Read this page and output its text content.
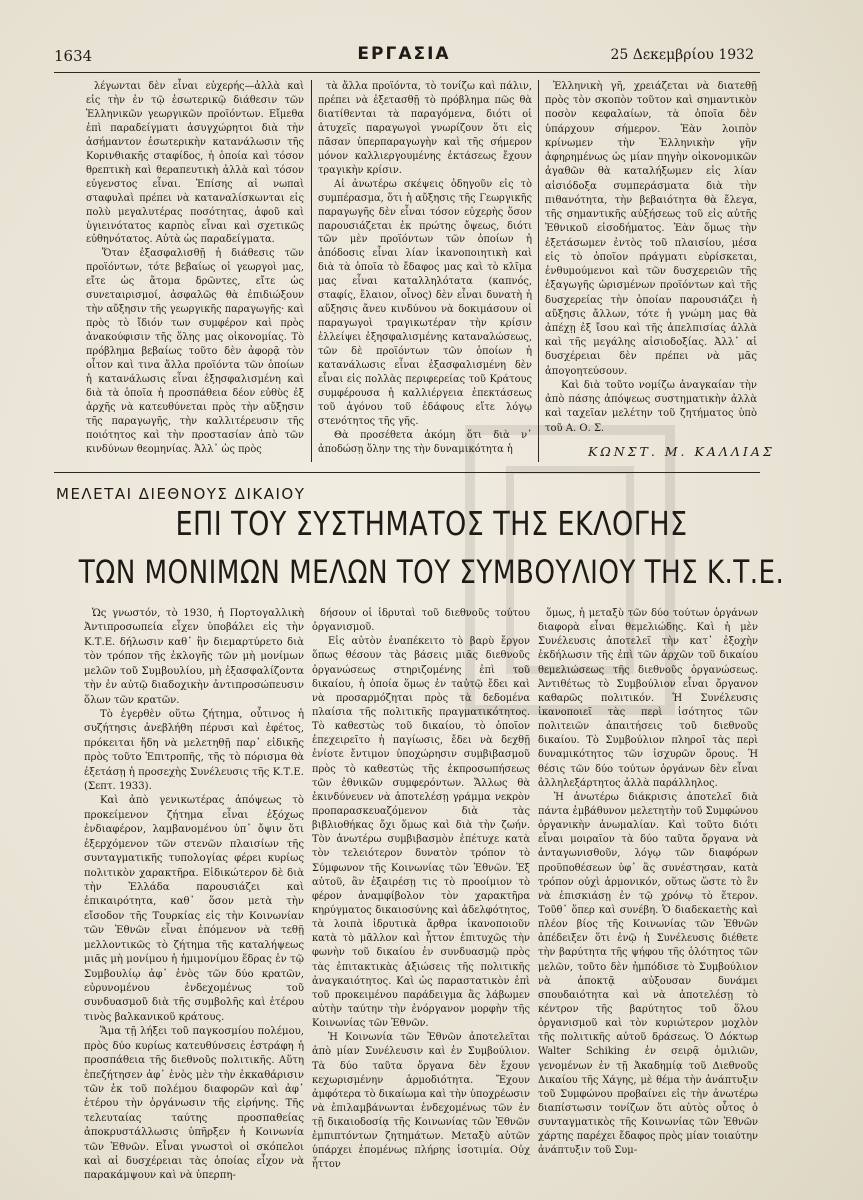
1634	ΕΡΓΑΣΙΑ	25 Δεκεμβρίου 1932

λέγωνται δὲν εἶναι εὐχερής—ἀλλὰ καὶ εἰς τὴν ἐν τῷ ἐσωτερικῷ διάθεσιν τῶν Ἑλληνικῶν γεωργικῶν προϊόντων. Εἴμεθα ἐπὶ παραδείγματι ἀσυγχώρητοι διὰ τὴν ἀσήμαντον ἐσωτερικὴν κατανάλωσιν τῆς Κορινθιακῆς σταφίδος, ἡ ὁποία καὶ τόσον θρεπτικὴ καὶ θεραπευτικὴ ἀλλὰ καὶ τόσον εὐγενστος εἶναι. Ἐπίσης αἱ νωπαὶ σταφυλαὶ πρέπει νὰ καταναλίσκωνται εἰς πολὺ μεγαλυτέρας ποσότητας, ἀφοῦ καὶ ὑγιεινότατος καρπὸς εἶναι καὶ σχετικῶς εὐθηνότατος. Αὐτὰ ὡς παραδείγματα.

Ὅταν ἐξασφαλισθῇ ἡ διάθεσις τῶν προϊόντων, τότε βεβαίως οἱ γεωργοὶ μας, εἴτε ὡς ἄτομα δρῶντες, εἴτε ὡς συνεταιρισμοί, ἀσφαλῶς θὰ ἐπιδιώξουν τὴν αὔξησιν τῆς γεωργικῆς παραγωγῆς· καὶ πρὸς τὸ ἴδιόν των συμφέρον καὶ πρὸς ἀνακούφισιν τῆς ὅλης μας οἰκονομίας. Τὸ πρόβλημα βεβαίως τοῦτο δὲν ἀφορᾷ τὸν οἶτον καὶ τινα ἄλλα προϊόντα τῶν ὁποίων ἡ κατανάλωσις εἶναι ἐξησφαλισμένη καὶ διὰ τὰ ὁποῖα ἡ προσπάθεια δέον εὐθὺς ἐξ ἀρχῆς νὰ κατευθύνεται πρὸς τὴν αὔξησιν τῆς παραγωγῆς, τὴν καλλιτέρευσιν τῆς ποιότητος καὶ τὴν προστασίαν ἀπὸ τῶν κινδύνων θεομηνίας. Ἀλλ᾽ ὡς πρὸς

τὰ ἄλλα προϊόντα, τὸ τονίζω καὶ πάλιν, πρέπει νὰ ἐξετασθῇ τὸ πρόβλημα πῶς θὰ διατίθενται τὰ παραγόμενα, διότι οἱ ἀτυχεῖς παραγωγοὶ γνωρίζουν ὅτι εἰς πᾶσαν ὑπερπαραγωγὴν καὶ τῆς σήμερον μόνον καλλιεργουμένης ἐκτάσεως ἔχουν τραγικὴν κρίσιν.

Αἱ ἀνωτέρω σκέψεις ὁδηγοῦν εἰς τὸ συμπέρασμα, ὅτι ἡ αὔξησις τῆς Γεωργικῆς παραγωγῆς δὲν εἶναι τόσον εὐχερὴς ὅσον παρουσιάζεται ἐκ πρώτης ὄψεως, διότι τῶν μὲν προϊόντων τῶν ὁποίων ἡ ἀπόδοσις εἶναι λίαν ἱκανοποιητικὴ καὶ διὰ τὰ ὁποῖα τὸ ἔδαφος μας καὶ τὸ κλῖμα μας εἶναι καταλληλότατα (καπνός, σταφίς, ἔλαιον, οἶνος) δὲν εἶναι δυνατὴ ἡ αὔξησις ἄνευ κινδύνου νὰ δοκιμάσουν οἱ παραγωγοὶ τραγικωτέραν τὴν κρίσιν ἐλλείψει ἐξησφαλισμένης καταναλώσεως, τῶν δὲ προϊόντων τῶν ὁποίων ἡ κατανάλωσις εἶναι ἐξασφαλισμένη δὲν εἶναι εἰς πολλὰς περιφερείας τοῦ Κράτους συμφέρουσα ἡ καλλιέργεια ἐπεκτάσεως τοῦ ἀγόνου τοῦ ἐδάφους εἴτε λόγῳ στενότητος τῆς γῆς.

Θὰ προσέθετα ἀκόμη ὅτι διὰ ν᾽ ἀποδώσῃ ὅλην της τὴν δυναμικότητα ἡ

Ἑλληνικὴ γῆ, χρειάζεται νὰ διατεθῇ πρὸς τὸν σκοπὸν τοῦτον καὶ σημαντικὸν ποσὸν κεφαλαίων, τὰ ὁποῖα δὲν ὑπάρχουν σήμερον. Ἐὰν λοιπὸν κρίνωμεν τὴν Ἑλληνικὴν γῆν ἀφηρημένως ὡς μίαν πηγὴν οἰκονομικῶν ἀγαθῶν θὰ καταλήξωμεν εἰς λίαν αἰσιόδοξα συμπεράσματα διὰ τὴν πιθανότητα, τὴν βεβαιότητα θὰ ἔλεγα, τῆς σημαντικῆς αὐξήσεως τοῦ εἰς αὐτῆς Ἐθνικοῦ εἰσοδήματος. Ἐὰν ὅμως τὴν ἐξετάσωμεν ἐντὸς τοῦ πλαισίου, μέσα εἰς τὸ ὁποῖον πράγματι εὑρίσκεται, ἐνθυμούμενοι καὶ τῶν δυσχερειῶν τῆς ἐξαγωγῆς ὡρισμένων προϊόντων καὶ τῆς δυσχερείας τὴν ὁποίαν παρουσιάζει ἡ αὔξησις ἄλλων, τότε ἡ γνώμη μας θὰ ἀπέχῃ ἐξ ἴσου καὶ τῆς ἀπελπισίας ἀλλὰ καὶ τῆς μεγάλης αἰσιοδοξίας. Ἀλλ᾽ αἱ δυσχέρειαι δὲν πρέπει νὰ μᾶς ἀπογοητεύσουν.

Καὶ διὰ τοῦτο νομίζω ἀναγκαίαν τὴν ἀπὸ πάσης ἀπόψεως συστηματικὴν ἀλλὰ καὶ ταχεῖαν μελέτην τοῦ ζητήματος ὑπὸ τοῦ Α. Ο. Σ.

ΚΩΝΣΤ. Μ. ΚΑΛΛΙΑΣ
ΜΕΛΕΤΑΙ ΔΙΕΘΝΟΥΣ ΔΙΚΑΙΟΥ
ΕΠΙ ΤΟΥ ΣΥΣΤΗΜΑΤΟΣ ΤΗΣ ΕΚΛΟΓΗΣ
ΤΩΝ ΜΟΝΙΜΩΝ ΜΕΛΩΝ ΤΟΥ ΣΥΜΒΟΥΛΙΟΥ ΤΗΣ Κ.Τ.Ε.

Ὡς γνωστόν, τὸ 1930, ἡ Πορτογαλλικὴ Ἀντιπροσωπεία εἶχεν ὑποβάλει εἰς τὴν Κ.Τ.Ε. δήλωσιν καθ᾽ ἣν διεμαρτύρετο διὰ τὸν τρόπον τῆς ἐκλογῆς τῶν μὴ μονίμων μελῶν τοῦ Συμβουλίου, μὴ ἐξασφαλίζοντα τὴν ἐν αὐτῷ διαδοχικὴν ἀντιπροσώπευσιν ὅλων τῶν κρατῶν.

Τὸ ἐγερθὲν οὕτω ζήτημα, οὗτινος ἡ συζήτησις ἀνεβλήθη πέρυσι καὶ ἐφέτος, πρόκειται ἤδη νὰ μελετηθῇ παρ᾽ εἰδικῆς πρὸς τοῦτο Ἐπιτροπῆς, τῆς τὸ πόρισμα θὰ ἐξετάσῃ ἡ προσεχὴς Συνέλευσις τῆς Κ.Τ.Ε. (Σεπτ. 1933).

Καὶ ἀπὸ γενικωτέρας ἀπόψεως τὸ προκείμενον ζήτημα εἶναι ἐξόχως ἐνδιαφέρον, λαμβανομένου ὑπ᾽ ὄψιν ὅτι ἐξερχόμενον τῶν στενῶν πλαισίων τῆς συνταγματικῆς τυπολογίας φέρει κυρίως πολιτικὸν χαρακτῆρα. Εἰδικώτερον δὲ διὰ τὴν Ἑλλάδα παρουσιάζει καὶ ἐπικαιρότητα, καθ᾽ ὅσον μετὰ τὴν εἴσοδον τῆς Τουρκίας εἰς τὴν Κοινωνίαν τῶν Ἐθνῶν εἶναι ἑπόμενον νὰ τεθῇ μελλοντικῶς τὸ ζήτημα τῆς καταλήψεως μιᾶς μὴ μονίμου ἡ ἡμιμονίμου ἕδρας ἐν τῷ Συμβουλίῳ ἀφ᾽ ἑνὸς τῶν δύο κρατῶν, εὐρυνομένου ἐνδεχομένως τοῦ συνδυασμοῦ διὰ τῆς συμβολῆς καὶ ἑτέρου τινὸς βαλκανικοῦ κράτους.

Ἅμα τῇ λήξει τοῦ παγκοσμίου πολέμου, πρὸς δύο κυρίως κατευθύνσεις ἐστράφη ἡ προσπάθεια τῆς διεθνοῦς πολιτικῆς. Αὕτη ἐπεζήτησεν ἀφ᾽ ἑνὸς μὲν τὴν ἐκκαθάρισιν τῶν ἐκ τοῦ πολέμου διαφορῶν καὶ ἀφ᾽ ἑτέρου τὴν ὀργάνωσιν τῆς εἰρήνης. Τῆς τελευταίας ταύτης προσπαθείας ἀποκρυστάλλωσις ὑπῆρξεν ἡ Κοινωνία τῶν Ἐθνῶν. Εἶναι γνωστοὶ οἱ σκόπελοι καὶ αἱ δυσχέρειαι τὰς ὁποίας εἶχον νὰ παρακάμψουν καὶ νὰ ὑπερπη-

δήσουν οἱ ἱδρυταὶ τοῦ διεθνοῦς τούτου ὀργανισμοῦ.

Εἰς αὐτὸν ἐναπέκειτο τὸ βαρὺ ἔργον ὅπως θέσουν τὰς βάσεις μιᾶς διεθνοῦς ὀργανώσεως στηριζομένης ἐπὶ τοῦ δικαίου, ἡ ὁποία ὅμως ἐν ταὐτῷ ἔδει καὶ νὰ προσαρμόζηται πρὸς τὰ δεδομένα πλαίσια τῆς πολιτικῆς πραγματικότητος. Τὸ καθεστὼς τοῦ δικαίου, τὸ ὁποῖον ἐπεχειρεῖτο ἡ παγίωσις, ἔδει νὰ δεχθῇ ἐνίοτε ἔντιμον ὑποχώρησιν συμβιβασμοῦ πρὸς τὸ καθεστὼς τῆς ἐκπροσωπήσεως τῶν ἐθνικῶν συμφερόντων. Ἄλλως θὰ ἐκινδύνευεν νὰ ἀποτελέσῃ γράμμα νεκρὸν προπαρασκευαζόμενον διὰ τὰς βιβλιοθήκας ὄχι ὅμως καὶ διὰ τὴν ζωήν. Τὸν ἀνωτέρω συμβιβασμὸν ἐπέτυχε κατὰ τὸν τελειότερον δυνατὸν τρόπον τὸ Σύμφωνον τῆς Κοινωνίας τῶν Ἐθνῶν. Ἐξ αὐτοῦ, ἂν ἐξαιρέσῃ τις τὸ προοίμιον τὸ φέρον ἀναμφίβολον τὸν χαρακτῆρα κηρύγματος δικαιοσύνης καὶ ἀδελφότητος, τὰ λοιπὰ ἰδρυτικὰ ἄρθρα ἱκανοποιοῦν κατὰ τὸ μᾶλλον καὶ ἧττον ἐπιτυχῶς τὴν φωνὴν τοῦ δικαίου ἐν συνδυασμῷ πρὸς τὰς ἐπιτακτικὰς ἀξιώσεις τῆς πολιτικῆς ἀναγκαιότητος. Καὶ ὡς παραστατικὸν ἐπὶ τοῦ προκειμένου παράδειγμα ἂς λάβωμεν αὐτὴν ταύτην τὴν ἐνόργανον μορφὴν τῆς Κοινωνίας τῶν Ἐθνῶν.

Ἡ Κοινωνία τῶν Ἐθνῶν ἀποτελεῖται ἀπὸ μίαν Συνέλευσιν καὶ ἐν Συμβούλιον. Τὰ δύο ταῦτα ὄργανα δὲν ἔχουν κεχωρισμένην ἁρμοδιότητα. Ἔχουν ἀμφότερα τὸ δικαίωμα καὶ τὴν ὑποχρέωσιν νὰ ἐπιλαμβάνωνται ἐνδεχομένως τῶν ἐν τῇ δικαιοδοσίᾳ τῆς Κοινωνίας τῶν Ἐθνῶν ἐμπιπτόντων ζητημάτων. Μεταξὺ αὐτῶν ὑπάρχει ἐπομένως πλήρης ἰσοτιμία. Οὐχ ἧττον

ὅμως, ἡ μεταξὺ τῶν δύο τούτων ὀργάνων διαφορὰ εἶναι θεμελιώδης. Καὶ ἡ μὲν Συνέλευσις ἀποτελεῖ τὴν κατ᾽ ἐξοχὴν ἐκδήλωσιν τῆς ἐπὶ τῶν ἀρχῶν τοῦ δικαίου θεμελιώσεως τῆς διεθνοῦς ὀργανώσεως. Ἀντιθέτως τὸ Συμβούλιον εἶναι ὄργανον καθαρῶς πολιτικόν. Ἡ Συνέλευσις ἱκανοποιεῖ τὰς περὶ ἰσότητος τῶν πολιτειῶν ἀπαιτήσεις τοῦ διεθνοῦς δικαίου. Τὸ Συμβούλιον πληροῖ τὰς περὶ δυναμικότητος τῶν ἰσχυρῶν ὅρους. Ἡ θέσις τῶν δύο τούτων ὀργάνων δὲν εἶναι ἀλληλεξάρτητος ἀλλὰ παράλληλος.

Ἡ ἀνωτέρω διάκρισις ἀποτελεῖ διὰ πάντα ἐμβάθυνον μελετητὴν τοῦ Συμφώνου ὀργανικὴν ἀνωμαλίαν. Καὶ τοῦτο διότι εἶναι μοιραῖον τὰ δύο ταῦτα ὄργανα νὰ ἀνταγωνισθοῦν, λόγῳ τῶν διαφόρων προϋποθέσεων ὑφ᾽ ἃς συνέστησαν, κατὰ τρόπον οὐχὶ ἁρμονικόν, οὕτως ὥστε τὸ ἓν νὰ ἐπισκιάσῃ ἐν τῷ χρόνῳ τὸ ἕτερον. Τοῦθ᾽ ὅπερ καὶ συνέβη. Ὁ διαδεκαετὴς καὶ πλέον βίος τῆς Κοινωνίας τῶν Ἐθνῶν ἀπέδειξεν ὅτι ἐνῷ ἡ Συνέλευσις διέθετε τὴν βαρύτητα τῆς ψήφου τῆς ὁλότητος τῶν μελῶν, τοῦτο δὲν ἠμπόδισε τὸ Συμβούλιον νὰ ἀποκτᾷ αὐξουσαν δυνάμει σπουδαιότητα καὶ νὰ ἀποτελέσῃ τὸ κέντρον τῆς βαρύτητος τοῦ ὅλου ὀργανισμοῦ καὶ τὸν κυριώτερον μοχλὸν τῆς πολιτικῆς αὐτοῦ δράσεως. Ὁ Δόκτωρ Walter Schiking ἐν σειρᾷ ὁμιλιῶν, γενομένων ἐν τῇ Ἀκαδημίᾳ τοῦ Διεθνοῦς Δικαίου τῆς Χάγης, μὲ θέμα τὴν ἀνάπτυξιν τοῦ Συμφώνου προβαίνει εἰς τὴν ἀνωτέρω διαπίστωσιν τονίζων ὅτι αὐτὸς οὗτος ὁ συνταγματικὸς τῆς Κοινωνίας τῶν Ἐθνῶν χάρτης παρέχει ἔδαφος πρὸς μίαν τοιαύτην ἀνάπτυξιν τοῦ Συμ-
